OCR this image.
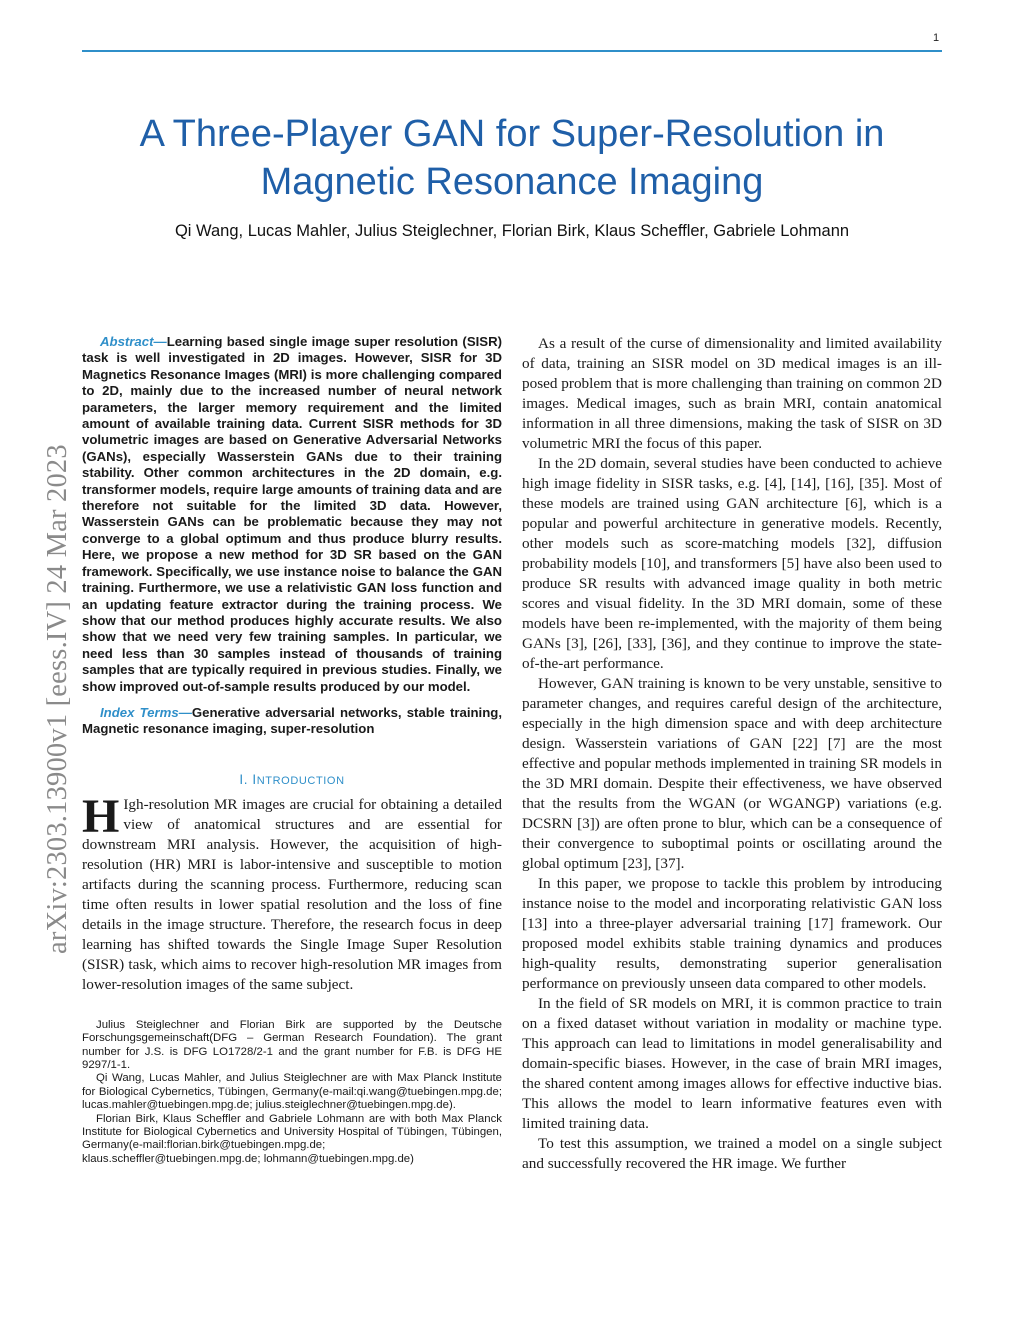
1
A Three-Player GAN for Super-Resolution in
Magnetic Resonance Imaging
Qi Wang, Lucas Mahler, Julius Steiglechner, Florian Birk, Klaus Scheffler, Gabriele Lohmann
arXiv:2303.13900v1 [eess.IV] 24 Mar 2023

Abstract—Learning based single image super resolution (SISR) task is well investigated in 2D images. However, SISR for 3D Magnetics Resonance Images (MRI) is more challenging compared to 2D, mainly due to the increased number of neural network parameters, the larger memory requirement and the limited amount of available training data. Current SISR methods for 3D volumetric images are based on Generative Adversarial Networks (GANs), especially Wasserstein GANs due to their training stability. Other common architectures in the 2D domain, e.g. transformer models, require large amounts of training data and are therefore not suitable for the limited 3D data. However, Wasserstein GANs can be problematic because they may not converge to a global optimum and thus produce blurry results. Here, we propose a new method for 3D SR based on the GAN framework. Specifically, we use instance noise to balance the GAN training. Furthermore, we use a relativistic GAN loss function and an updating feature extractor during the training process. We show that our method produces highly accurate results. We also show that we need very few training samples. In particular, we need less than 30 samples instead of thousands of training samples that are typically required in previous studies. Finally, we show improved out-of-sample results produced by our model.

Index Terms—Generative adversarial networks, stable training, Magnetic resonance imaging, super-resolution

I. INTRODUCTION

H Igh-resolution MR images are crucial for obtaining a detailed view of anatomical structures and are essential for downstream MRI analysis. However, the acquisition of high-resolution (HR) MRI is labor-intensive and susceptible to motion artifacts during the scanning process. Furthermore, reducing scan time often results in lower spatial resolution and the loss of fine details in the image structure. Therefore, the research focus in deep learning has shifted towards the Single Image Super Resolution (SISR) task, which aims to recover high-resolution MR images from lower-resolution images of the same subject.

Julius Steiglechner and Florian Birk are supported by the Deutsche Forschungsgemeinschaft(DFG – German Research Foundation). The grant number for J.S. is DFG LO1728/2-1 and the grant number for F.B. is DFG HE 9297/1-1.

Qi Wang, Lucas Mahler, and Julius Steiglechner are with Max Planck Institute for Biological Cybernetics, Tübingen, Germany(e-mail:qi.wang@tuebingen.mpg.de; lucas.mahler@tuebingen.mpg.de; julius.steiglechner@tuebingen.mpg.de).

Florian Birk, Klaus Scheffler and Gabriele Lohmann are with both Max Planck Institute for Biological Cybernetics and University Hospital of Tübingen, Tübingen, Germany(e-mail:florian.birk@tuebingen.mpg.de; klaus.scheffler@tuebingen.mpg.de; lohmann@tuebingen.mpg.de)

As a result of the curse of dimensionality and limited availability of data, training an SISR model on 3D medical images is an ill-posed problem that is more challenging than training on common 2D images. Medical images, such as brain MRI, contain anatomical information in all three dimensions, making the task of SISR on 3D volumetric MRI the focus of this paper.

In the 2D domain, several studies have been conducted to achieve high image fidelity in SISR tasks, e.g. [4], [14], [16], [35]. Most of these models are trained using GAN architecture [6], which is a popular and powerful architecture in generative models. Recently, other models such as score-matching models [32], diffusion probability models [10], and transformers [5] have also been used to produce SR results with advanced image quality in both metric scores and visual fidelity. In the 3D MRI domain, some of these models have been re-implemented, with the majority of them being GANs [3], [26], [33], [36], and they continue to improve the state-of-the-art performance.

However, GAN training is known to be very unstable, sensitive to parameter changes, and requires careful design of the architecture, especially in the high dimension space and with deep architecture design. Wasserstein variations of GAN [22] [7] are the most effective and popular methods implemented in training SR models in the 3D MRI domain. Despite their effectiveness, we have observed that the results from the WGAN (or WGANGP) variations (e.g. DCSRN [3]) are often prone to blur, which can be a consequence of their convergence to suboptimal points or oscillating around the global optimum [23], [37].

In this paper, we propose to tackle this problem by introducing instance noise to the model and incorporating relativistic GAN loss [13] into a three-player adversarial training [17] framework. Our proposed model exhibits stable training dynamics and produces high-quality results, demonstrating superior generalisation performance on previously unseen data compared to other models.

In the field of SR models on MRI, it is common practice to train on a fixed dataset without variation in modality or machine type. This approach can lead to limitations in model generalisability and domain-specific biases. However, in the case of brain MRI images, the shared content among images allows for effective inductive bias. This allows the model to learn informative features even with limited training data.

To test this assumption, we trained a model on a single subject and successfully recovered the HR image. We further
